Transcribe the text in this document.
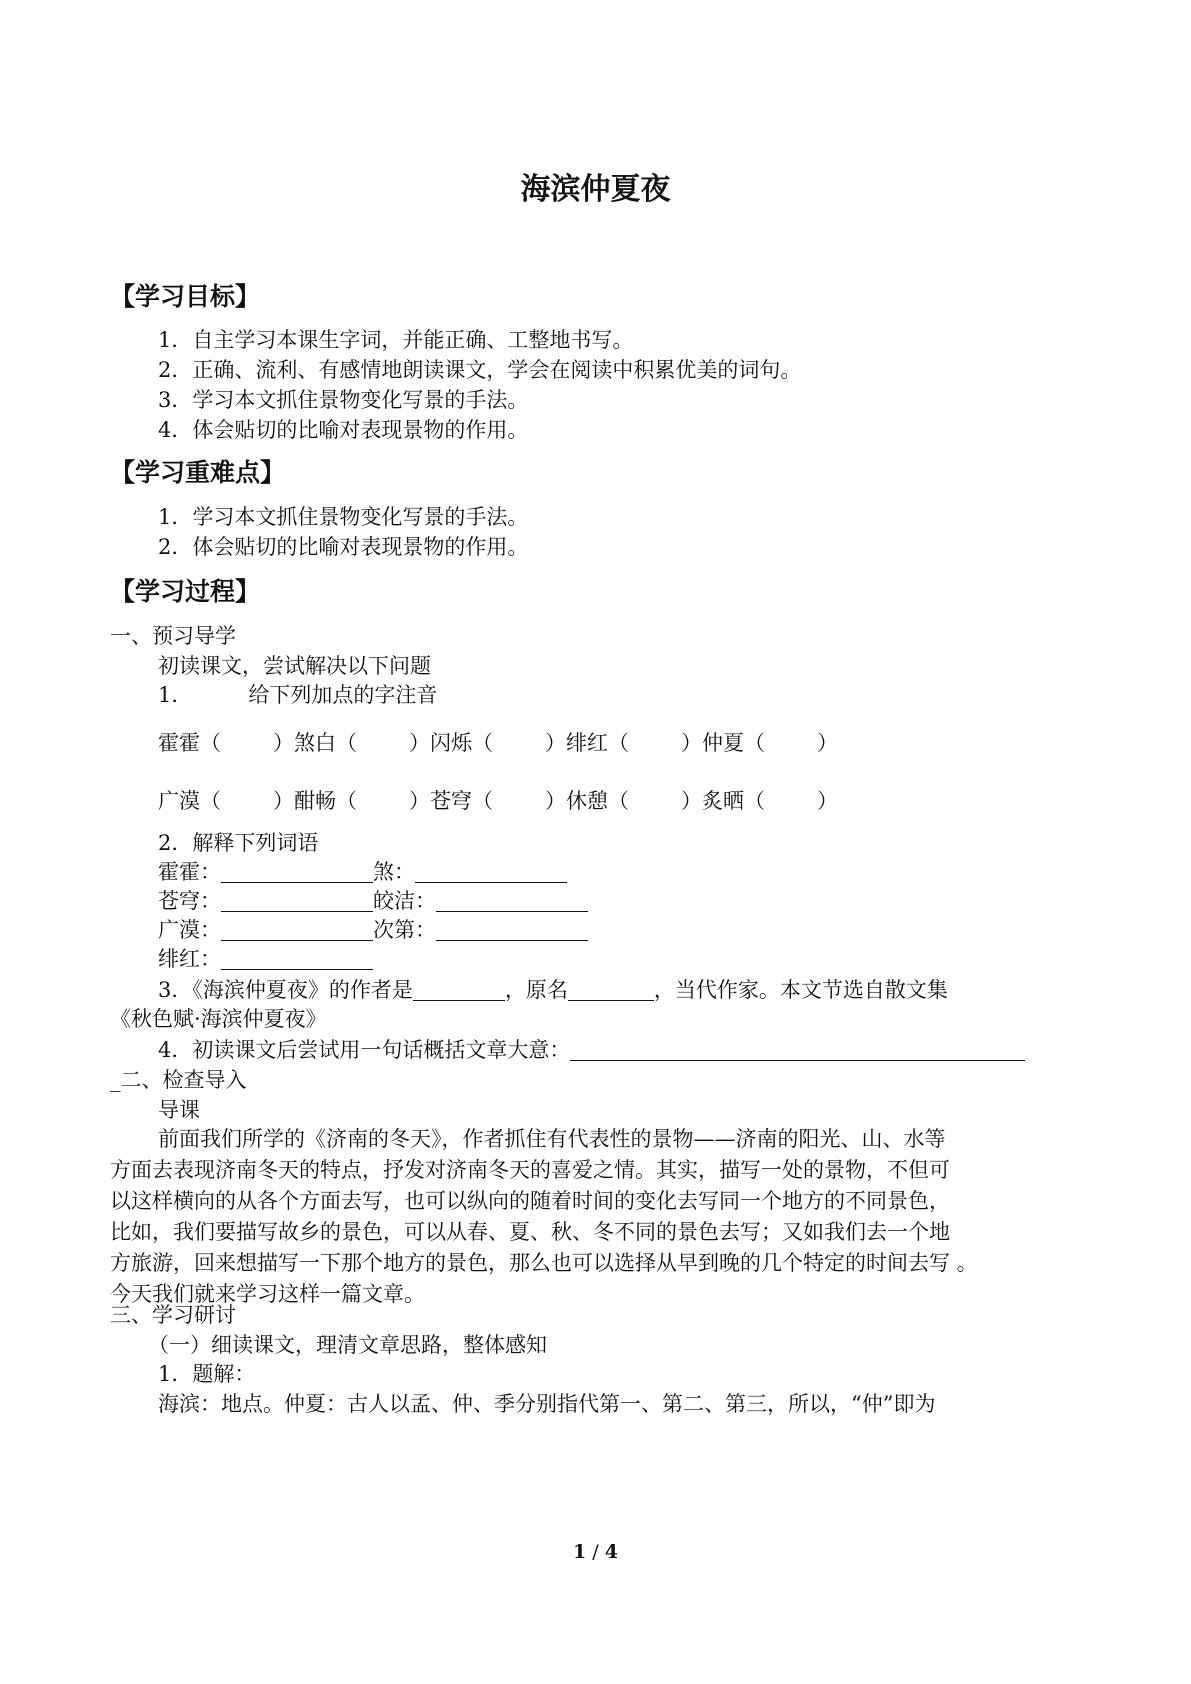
海滨仲夏夜
【学习目标】
1．自主学习本课生字词，并能正确、工整地书写。
2．正确、流利、有感情地朗读课文，学会在阅读中积累优美的词句。
3．学习本文抓住景物变化写景的手法。
4．体会贴切的比喻对表现景物的作用。
【学习重难点】
1．学习本文抓住景物变化写景的手法。
2．体会贴切的比喻对表现景物的作用。
【学习过程】
一、预习导学
初读课文，尝试解决以下问题
1．	给下列加点的字注音
霍霍（ ）煞白（ ）闪烁（ ）绯红（ ）仲夏（ ）
广漠（ ）酣畅（ ）苍穹（ ）休憩（ ）炙晒（ ）
2．解释下列词语
霍霍：	煞：
苍穹：	皎洁：
广漠：	次第：
绯红：
3．《海滨仲夏夜》的作者是	，原名	，当代作家。本文节选自散文集
《秋色赋·海滨仲夏夜》
4．初读课文后尝试用一句话概括文章大意：
_二、检查导入
导课
前面我们所学的《济南的冬天》，作者抓住有代表性的景物——济南的阳光、山、水等
方面去表现济南冬天的特点，抒发对济南冬天的喜爱之情。其实，描写一处的景物，不但可
以这样横向的从各个方面去写，也可以纵向的随着时间的变化去写同一个地方的不同景色，
比如，我们要描写故乡的景色，可以从春、夏、秋、冬不同的景色去写；又如我们去一个地
方旅游，回来想描写一下那个地方的景色，那么也可以选择从早到晚的几个特定的时间去写 。
今天我们就来学习这样一篇文章。
三、学习研讨
（一）细读课文，理清文章思路，整体感知
1．题解：
海滨：地点。仲夏：古人以孟、仲、季分别指代第一、第二、第三，所以，“仲”即为
1 / 4
